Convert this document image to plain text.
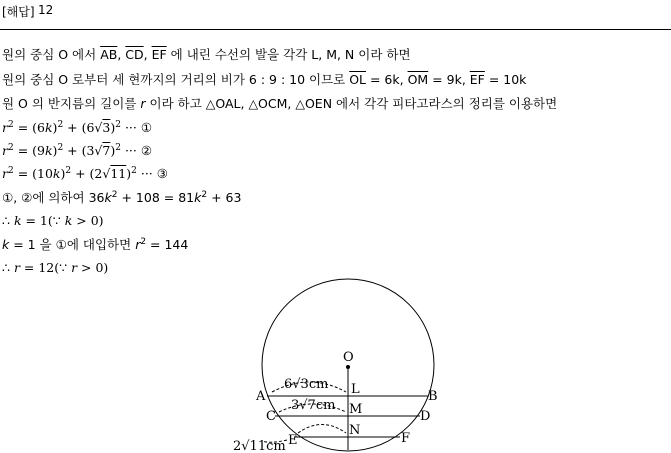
[해답] 12
원의 중심 O 에서 $\overline{AB}$, $\overline{CD}$, $\overline{EF}$ 에 내린 수선의 발을 각각 L, M, N 이라 하면
원의 중심 O 로부터 세 현까지의 거리의 비가 6 : 9 : 10 이므로 $\overline{OL} = 6k$, $\overline{OM} = 9k$, $\overline{EF} = 10k$
원 O 의 반지름의 길이를 r 이라 하고 △OAL, △OCM, △OEN 에서 각각 피타고라스의 정리를 이용하면
$r^2 = (6k)^2 + (6√3)^2$ ··· ①
$r^2 = (9k)^2 + (3√7)^2$ ··· ②
$r^2 = (10k)^2 + (2√11)^2$ ··· ③
①, ②에 의하여 $36k^2 + 108 = 81k^2 + 63$
∴ k = 1(∵ k > 0)
k = 1 을 ①에 대입하면 $r^2 = 144$
∴ r = 12(∵ r > 0)
O
L
M
N
A	B
C	D
E	F
6√3cm
3√7cm
2√11cm
